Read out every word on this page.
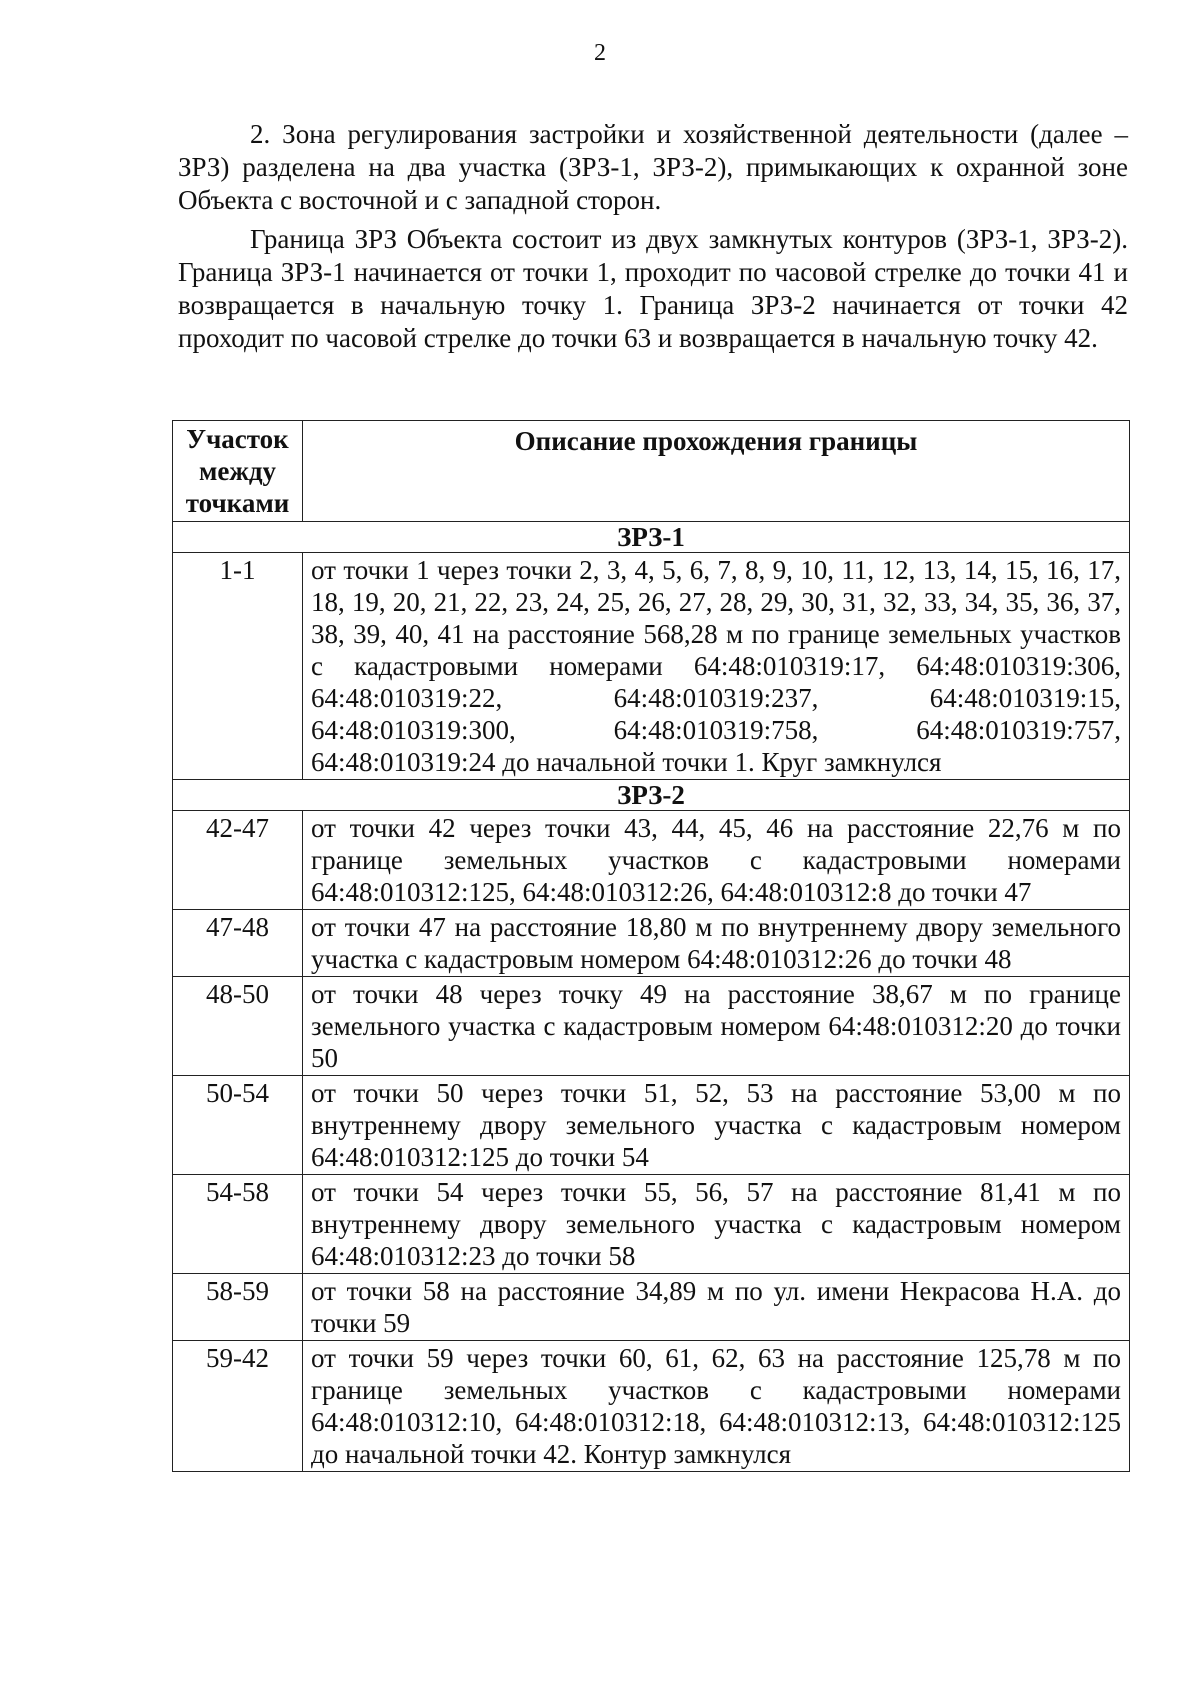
2

2. Зона регулирования застройки и хозяйственной деятельности (далее – ЗРЗ) разделена на два участка (ЗРЗ-1, ЗРЗ-2), примыкающих к охранной зоне Объекта с восточной и с западной сторон.

Граница ЗРЗ Объекта состоит из двух замкнутых контуров (ЗРЗ-1, ЗРЗ-2). Граница ЗРЗ-1 начинается от точки 1, проходит по часовой стрелке до точки 41 и возвращается в начальную точку 1. Граница ЗРЗ-2 начинается от точки 42 проходит по часовой стрелке до точки 63 и возвращается в начальную точку 42.

Участок между точками	Описание прохождения границы
ЗРЗ-1	
1-1	от точки 1 через точки 2, 3, 4, 5, 6, 7, 8, 9, 10, 11, 12, 13, 14, 15, 16, 17, 18, 19, 20, 21, 22, 23, 24, 25, 26, 27, 28, 29, 30, 31, 32, 33, 34, 35, 36, 37, 38, 39, 40, 41 на расстояние 568,28 м по границе земельных участков с кадастровыми номерами 64:48:010319:17, 64:48:010319:306, 64:48:010319:22, 64:48:010319:237, 64:48:010319:15, 64:48:010319:300, 64:48:010319:758, 64:48:010319:757, 64:48:010319:24 до начальной точки 1. Круг замкнулся
ЗРЗ-2	
42-47	от точки 42 через точки 43, 44, 45, 46 на расстояние 22,76 м по границе земельных участков с кадастровыми номерами 64:48:010312:125, 64:48:010312:26, 64:48:010312:8 до точки 47
47-48	от точки 47 на расстояние 18,80 м по внутреннему двору земельного участка с кадастровым номером 64:48:010312:26 до точки 48
48-50	от точки 48 через точку 49 на расстояние 38,67 м по границе земельного участка с кадастровым номером 64:48:010312:20 до точки 50
50-54	от точки 50 через точки 51, 52, 53 на расстояние 53,00 м по внутреннему двору земельного участка с кадастровым номером 64:48:010312:125 до точки 54
54-58	от точки 54 через точки 55, 56, 57 на расстояние 81,41 м по внутреннему двору земельного участка с кадастровым номером 64:48:010312:23 до точки 58
58-59	от точки 58 на расстояние 34,89 м по ул. имени Некрасова Н.А. до точки 59
59-42	от точки 59 через точки 60, 61, 62, 63 на расстояние 125,78 м по границе земельных участков с кадастровыми номерами 64:48:010312:10, 64:48:010312:18, 64:48:010312:13, 64:48:010312:125 до начальной точки 42. Контур замкнулся
